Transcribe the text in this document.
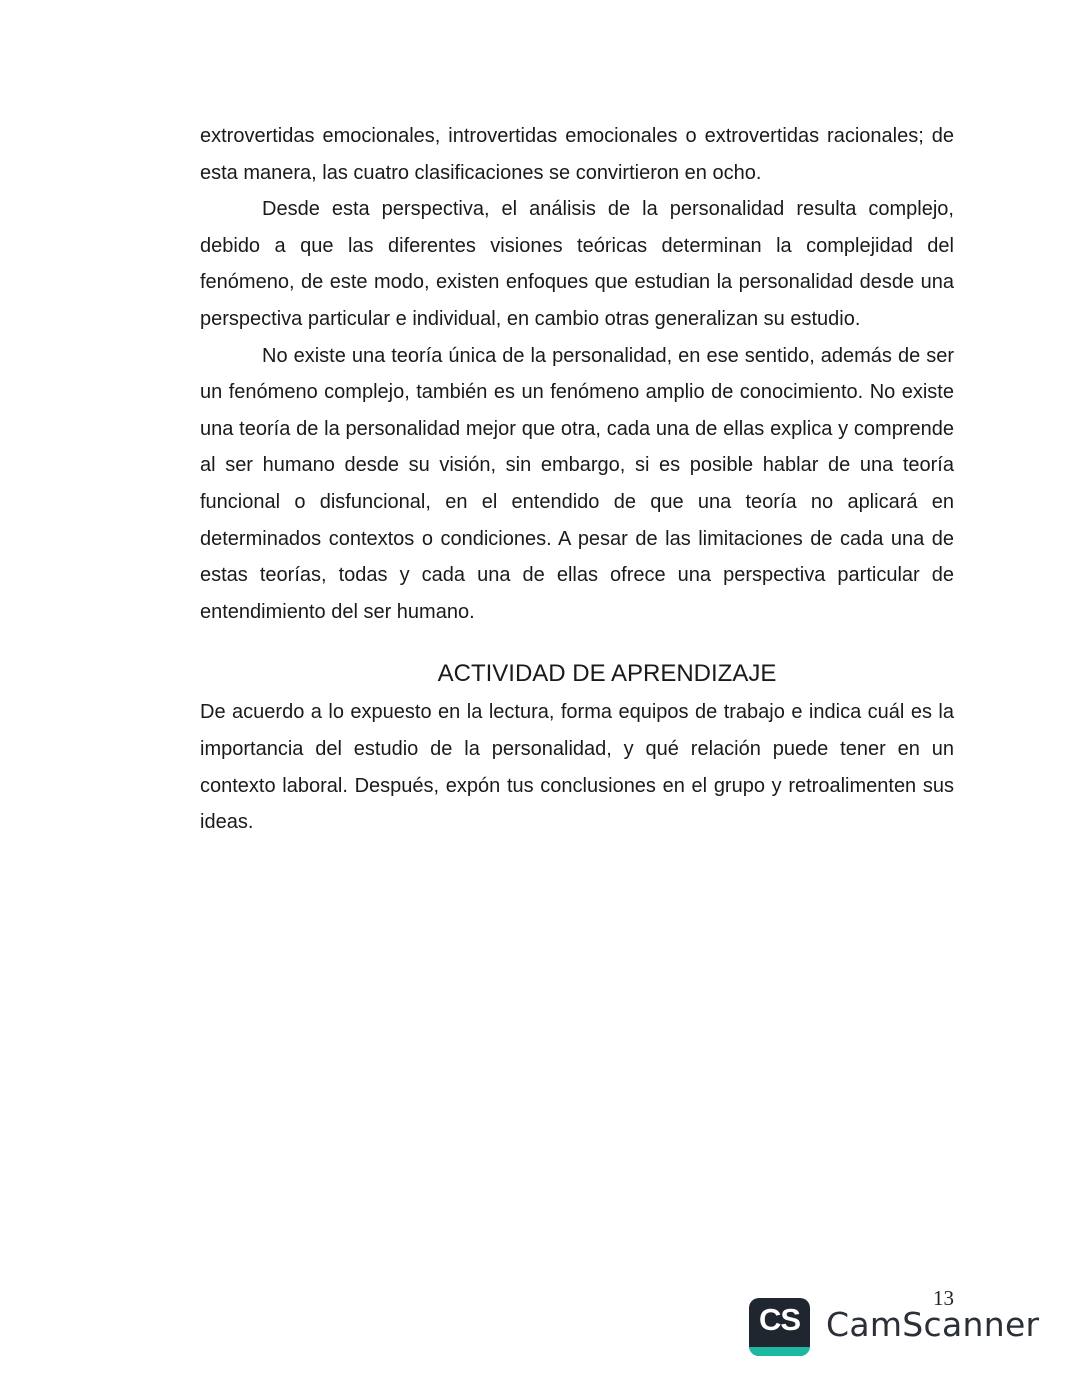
extrovertidas emocionales, introvertidas emocionales o extrovertidas racionales; de esta manera, las cuatro clasificaciones se convirtieron en ocho.

Desde esta perspectiva, el análisis de la personalidad resulta complejo, debido a que las diferentes visiones teóricas determinan la complejidad del fenómeno, de este modo, existen enfoques que estudian la personalidad desde una perspectiva particular e individual, en cambio otras generalizan su estudio.

No existe una teoría única de la personalidad, en ese sentido, además de ser un fenómeno complejo, también es un fenómeno amplio de conocimiento. No existe una teoría de la personalidad mejor que otra, cada una de ellas explica y comprende al ser humano desde su visión, sin embargo, si es posible hablar de una teoría funcional o disfuncional, en el entendido de que una teoría no aplicará en determinados contextos o condiciones. A pesar de las limitaciones de cada una de estas teorías, todas y cada una de ellas ofrece una perspectiva particular de entendimiento del ser humano.

ACTIVIDAD DE APRENDIZAJE

De acuerdo a lo expuesto en la lectura, forma equipos de trabajo e indica cuál es la importancia del estudio de la personalidad, y qué relación puede tener en un contexto laboral. Después, expón tus conclusiones en el grupo y retroalimenten sus ideas.

13
CS CamScanner
